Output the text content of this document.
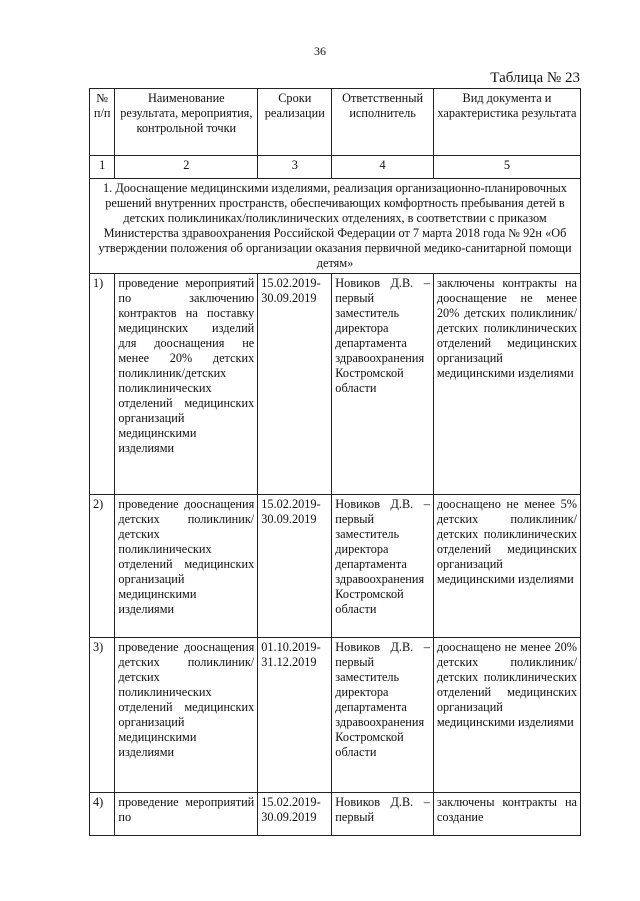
36
Таблица № 23
№ п/п	Наименование результата, мероприятия, контрольной точки	Сроки реализации	Ответственный исполнитель	Вид документа и характеристика результата
1	2	3	4	5
1. Дооснащение медицинскими изделиями, реализация организационно-планировочных решений внутренних пространств, обеспечивающих комфортность пребывания детей в детских поликлиниках/поликлинических отделениях, в соответствии с приказом Министерства здравоохранения Российской Федерации от 7 марта 2018 года № 92н «Об утверждении положения об организации оказания первичной медико-санитарной помощи детям»				
1)	проведение мероприятий по заключению контрактов на поставку медицинских изделий для дооснащения не менее 20% детских поликлиник/детских поликлинических отделений медицинских организаций медицинскими изделиями	15.02.2019-30.09.2019	Новиков Д.В. – первый заместитель директора департамента здравоохранения Костромской области	заключены контракты на дооснащение не менее 20% детских поликлиник/детских поликлинических отделений медицинских организаций медицинскими изделиями
2)	проведение дооснащения детских поликлиник/детских поликлинических отделений медицинских организаций медицинскими изделиями	15.02.2019-30.09.2019	Новиков Д.В. – первый заместитель директора департамента здравоохранения Костромской области	дооснащено не менее 5% детских поликлиник/детских поликлинических отделений медицинских организаций медицинскими изделиями
3)	проведение дооснащения детских поликлиник/детских поликлинических отделений медицинских организаций медицинскими изделиями	01.10.2019-31.12.2019	Новиков Д.В. – первый заместитель директора департамента здравоохранения Костромской области	дооснащено не менее 20% детских поликлиник/детских поликлинических отделений медицинских организаций медицинскими изделиями
4)	проведение мероприятий по	15.02.2019-30.09.2019	Новиков Д.В. – первый	заключены контракты на создание
